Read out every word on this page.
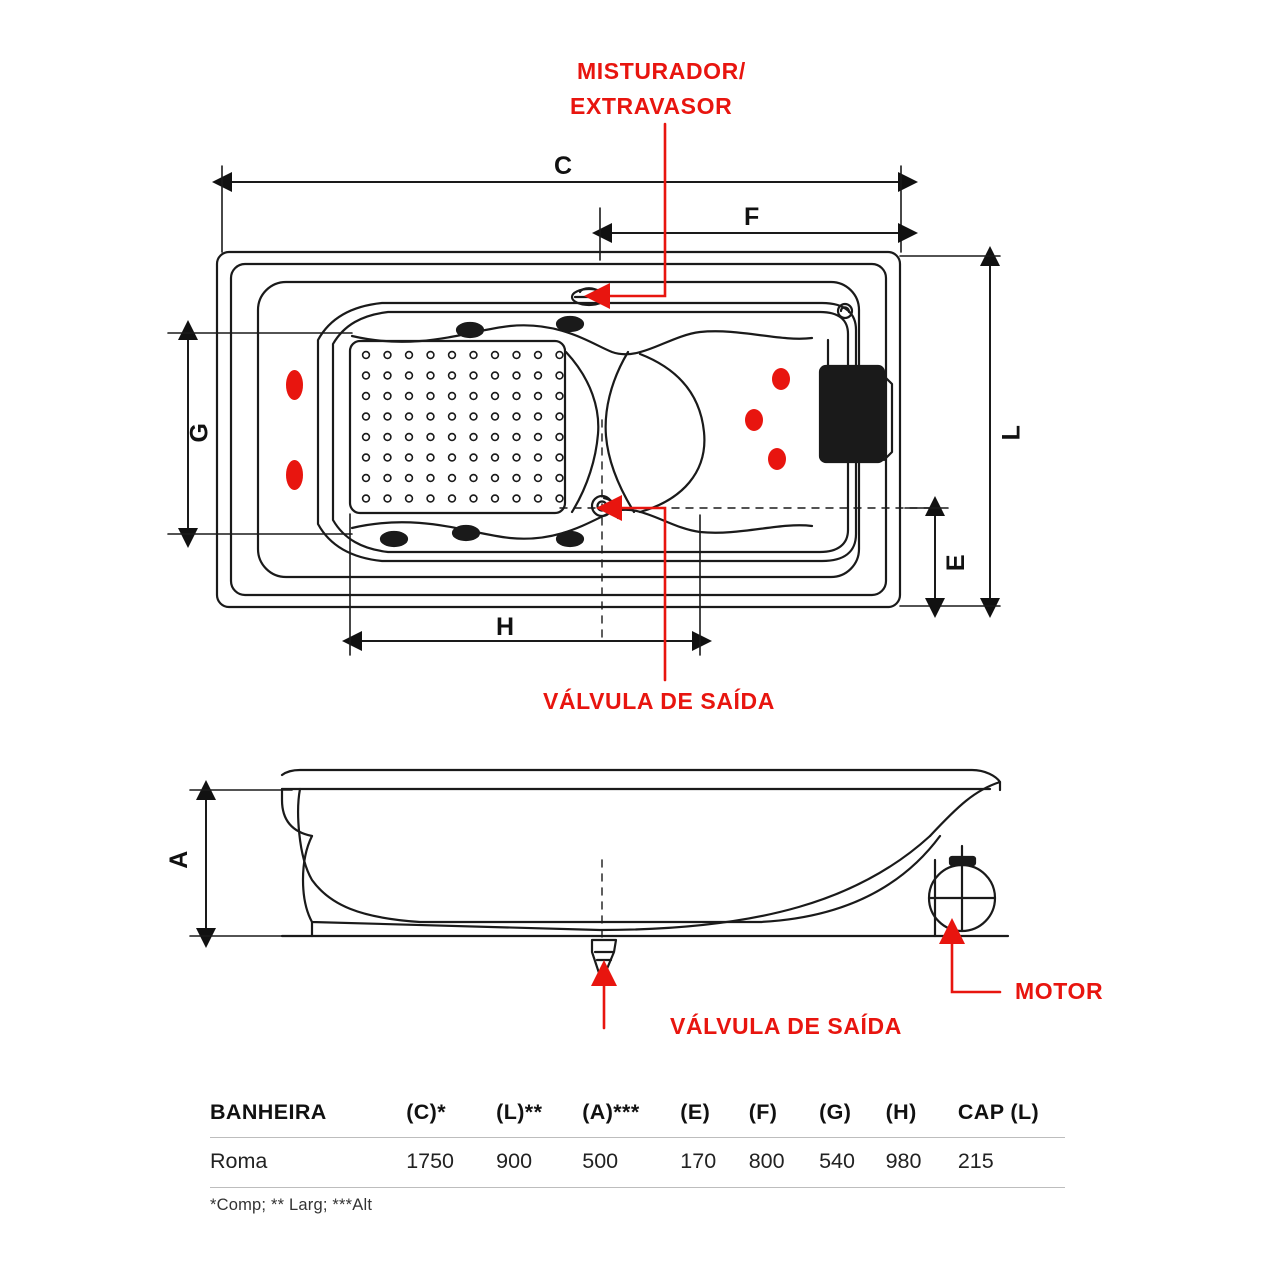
MISTURADOR/
EXTRAVASOR
VÁLVULA DE SAÍDA
VÁLVULA DE SAÍDA
MOTOR
C
F
L
G
E
H
A
BANHEIRA	(C)*	(L)**	(A)***	(E)	(F)	(G)	(H)	CAP (L)
Roma	1750	900	500	170	800	540	980	215
*Comp; ** Larg; ***Alt
